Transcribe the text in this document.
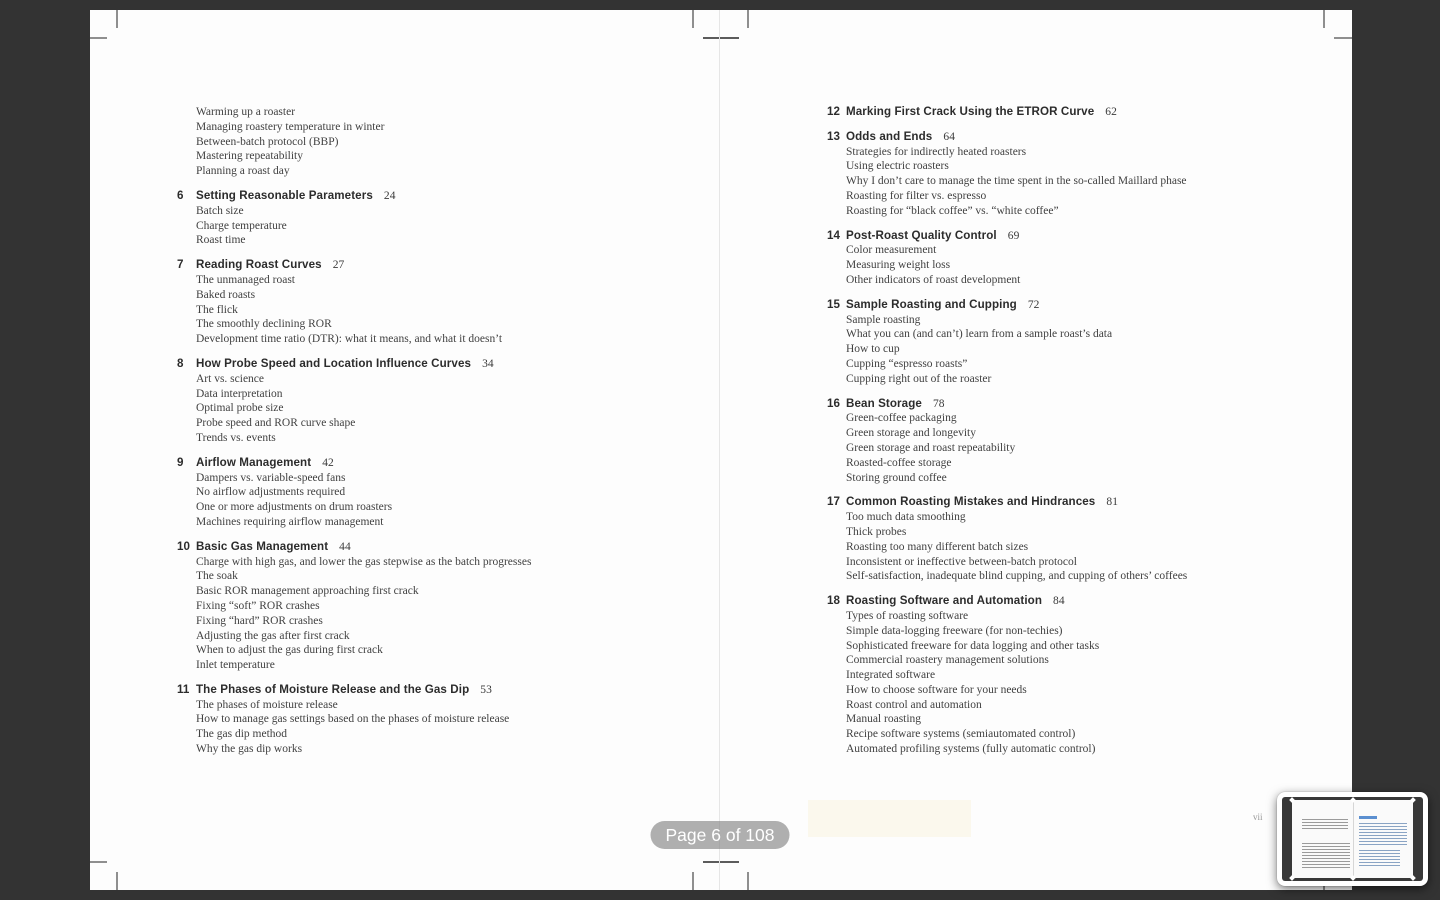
Warming up a roaster
Managing roastery temperature in winter
Between-batch protocol (BBP)
Mastering repeatability
Planning a roast day
6 Setting Reasonable Parameters 24
Batch size
Charge temperature
Roast time
7 Reading Roast Curves 27
The unmanaged roast
Baked roasts
The flick
The smoothly declining ROR
Development time ratio (DTR): what it means, and what it doesn’t
8 How Probe Speed and Location Influence Curves 34
Art vs. science
Data interpretation
Optimal probe size
Probe speed and ROR curve shape
Trends vs. events
9 Airflow Management 42
Dampers vs. variable-speed fans
No airflow adjustments required
One or more adjustments on drum roasters
Machines requiring airflow management
10 Basic Gas Management 44
Charge with high gas, and lower the gas stepwise as the batch progresses
The soak
Basic ROR management approaching first crack
Fixing “soft” ROR crashes
Fixing “hard” ROR crashes
Adjusting the gas after first crack
When to adjust the gas during first crack
Inlet temperature
11 The Phases of Moisture Release and the Gas Dip 53
The phases of moisture release
How to manage gas settings based on the phases of moisture release
The gas dip method
Why the gas dip works
12 Marking First Crack Using the ETROR Curve 62
13 Odds and Ends 64
Strategies for indirectly heated roasters
Using electric roasters
Why I don’t care to manage the time spent in the so-called Maillard phase
Roasting for filter vs. espresso
Roasting for “black coffee” vs. “white coffee”
14 Post-Roast Quality Control 69
Color measurement
Measuring weight loss
Other indicators of roast development
15 Sample Roasting and Cupping 72
Sample roasting
What you can (and can’t) learn from a sample roast’s data
How to cup
Cupping “espresso roasts”
Cupping right out of the roaster
16 Bean Storage 78
Green-coffee packaging
Green storage and longevity
Green storage and roast repeatability
Roasted-coffee storage
Storing ground coffee
17 Common Roasting Mistakes and Hindrances 81
Too much data smoothing
Thick probes
Roasting too many different batch sizes
Inconsistent or ineffective between-batch protocol
Self-satisfaction, inadequate blind cupping, and cupping of others’ coffees
18 Roasting Software and Automation 84
Types of roasting software
Simple data-logging freeware (for non-techies)
Sophisticated freeware for data logging and other tasks
Commercial roastery management solutions
Integrated software
How to choose software for your needs
Roast control and automation
Manual roasting
Recipe software systems (semiautomated control)
Automated profiling systems (fully automatic control)
vii
Page 6 of 108
